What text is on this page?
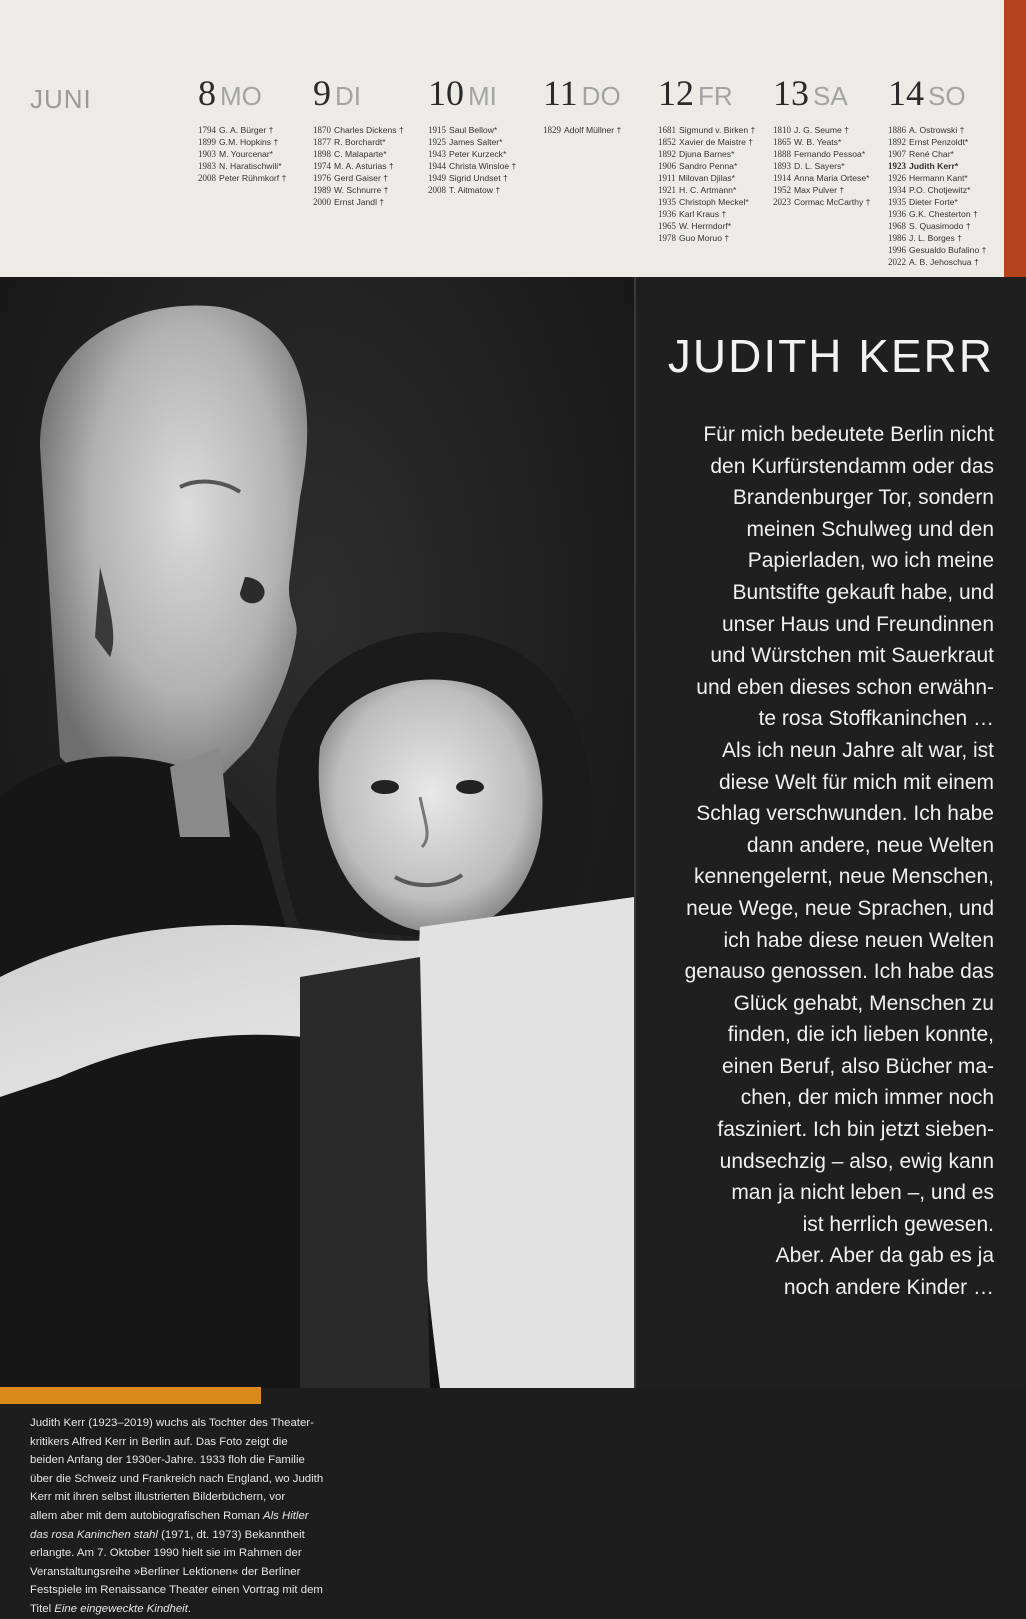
JUNI	8 MO
1794 G. A. Bürger †
1899 G.M. Hopkins †
1903 M. Yourcenar*
1983 N. Haratischwili*
2008 Peter Rühmkorf †
9 DI
1870 Charles Dickens †
1877 R. Borchardt*
1898 C. Malaparte*
1974 M. A. Asturias †
1976 Gerd Gaiser †
1989 W. Schnurre †
2000 Ernst Jandl †
10 MI
1915 Saul Bellow*
1925 James Salter*
1943 Peter Kurzeck*
1944 Christa Winsloe †
1949 Sigrid Undset †
2008 T. Aitmatow †
11 DO
1829 Adolf Müllner †
12 FR
1681 Sigmund v. Birken †
1852 Xavier de Maistre †
1892 Djuna Barnes*
1906 Sandro Penna*
1911 Milovan Djilas*
1921 H. C. Artmann*
1935 Christoph Meckel*
1936 Karl Kraus †
1965 W. Herrndorf*
1978 Guo Moruo †
13 SA
1810 J. G. Seume †
1865 W. B. Yeats*
1888 Fernando Pessoa*
1893 D. L. Sayers*
1914 Anna Maria Ortese*
1952 Max Pulver †
2023 Cormac McCarthy †
14 SO
1886 A. Ostrowski †
1892 Ernst Penzoldt*
1907 René Char*
1923 Judith Kerr*
1926 Hermann Kant*
1934 P.O. Chotjewitz*
1935 Dieter Forte*
1936 G.K. Chesterton †
1968 S. Quasimodo †
1986 J. L. Borges †
1996 Gesualdo Bufalino †
2022 A. B. Jehoschua †
Judith Kerr (1923–2019) wuchs als Tochter des Theater-
kritikers Alfred Kerr in Berlin auf. Das Foto zeigt die
beiden Anfang der 1930er-Jahre. 1933 floh die Familie
über die Schweiz und Frankreich nach England, wo Judith
Kerr mit ihren selbst illustrierten Bilderbüchern, vor
allem aber mit dem autobiografischen Roman Als Hitler
das rosa Kaninchen stahl (1971, dt. 1973) Bekanntheit
erlangte. Am 7. Oktober 1990 hielt sie im Rahmen der
Veranstaltungsreihe »Berliner Lektionen« der Berliner
Festspiele im Renaissance Theater einen Vortrag mit dem
Titel Eine eingeweckte Kindheit.
JUDITH KERR
Für mich bedeutete Berlin nicht
den Kurfürstendamm oder das
Brandenburger Tor, sondern
meinen Schulweg und den
Papierladen, wo ich meine
Buntstifte gekauft habe, und
unser Haus und Freundinnen
und Würstchen mit Sauerkraut
und eben dieses schon erwähn-
te rosa Stoffkaninchen …
Als ich neun Jahre alt war, ist
diese Welt für mich mit einem
Schlag verschwunden. Ich habe
dann andere, neue Welten
kennengelernt, neue Menschen,
neue Wege, neue Sprachen, und
ich habe diese neuen Welten
genauso genossen. Ich habe das
Glück gehabt, Menschen zu
finden, die ich lieben konnte,
einen Beruf, also Bücher ma-
chen, der mich immer noch
fasziniert. Ich bin jetzt sieben-
undsechzig – also, ewig kann
man ja nicht leben –, und es
ist herrlich gewesen.
Aber. Aber da gab es ja
noch andere Kinder …
